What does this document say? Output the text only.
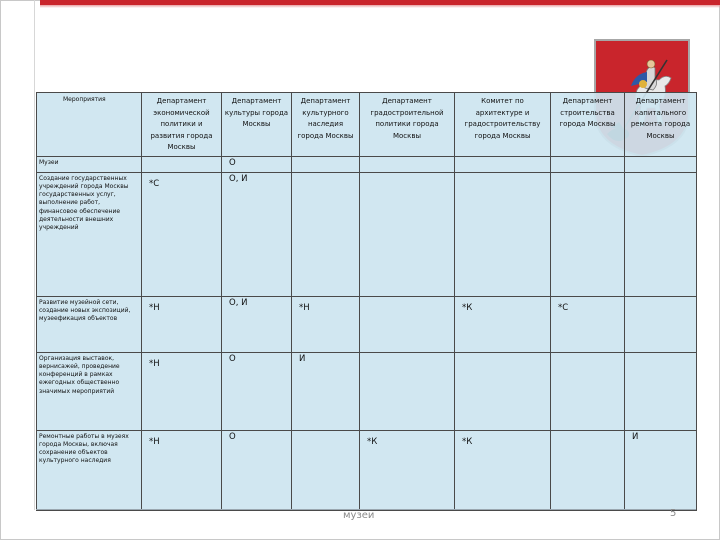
Мероприятия	Департамент экономической политики и развития города Москвы	Департамент культуры города Москвы	Департамент культурного наследия города Москвы	Департамент градостроительной политики города Москвы	Комитет по архитектуре и градостроительству города Москвы	Департамент строительства города Москвы	Департамент капитального ремонта города Москвы
Музеи		О					
Создание государственных учреждений города Москвы государственных услуг, выполнение работ, финансовое обеспечение деятельности внешних учреждений	*С	О, И					
Развитие музейной сети, создание новых экспозиций, музеефикация объектов	*Н	О, И	*Н		*К	*С	
Организация выставок, вернисажей, проведение конференций в рамках ежегодных общественно значимых мероприятий	*Н	О	И				
Ремонтные работы в музеях города Москвы, включая сохранение объектов культурного наследия	*Н	О		*К	*К		И
музеи	5
